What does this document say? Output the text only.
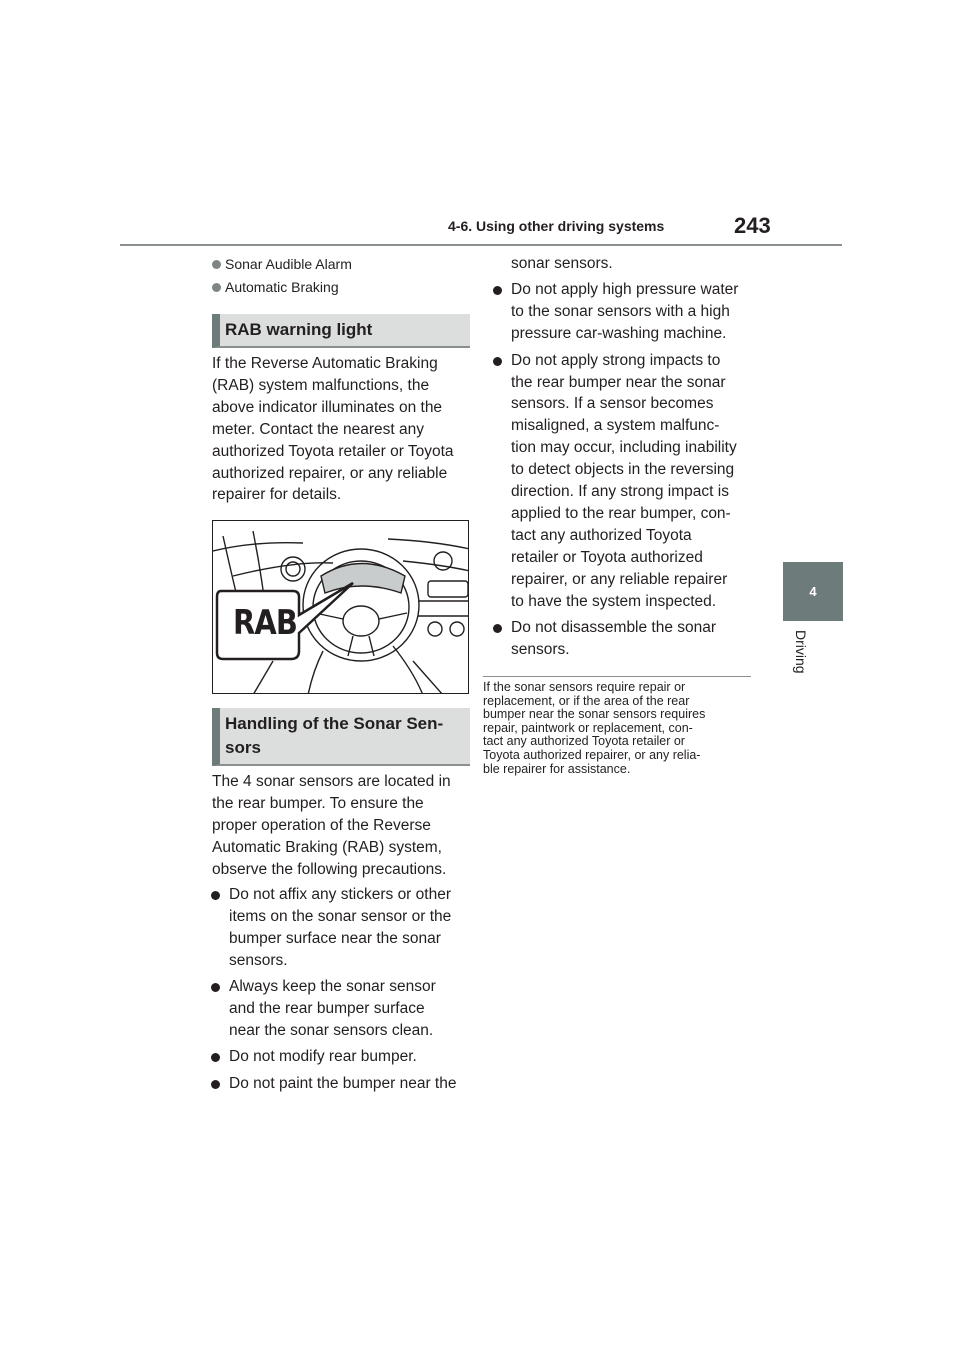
4-6. Using other driving systems	243
4
Driving
Sonar Audible Alarm
Automatic Braking
RAB warning light
If the Reverse Automatic Braking
(RAB) system malfunctions, the
above indicator illuminates on the
meter. Contact the nearest any
authorized Toyota retailer or Toyota
authorized repairer, or any reliable
repairer for details.
RAB
Handling of the Sonar Sen-
sors
The 4 sonar sensors are located in
the rear bumper. To ensure the
proper operation of the Reverse
Automatic Braking (RAB) system,
observe the following precautions.
Do not affix any stickers or other
items on the sonar sensor or the
bumper surface near the sonar
sensors.
Always keep the sonar sensor
and the rear bumper surface
near the sonar sensors clean.
Do not modify rear bumper.
Do not paint the bumper near the
sonar sensors.
Do not apply high pressure water
to the sonar sensors with a high
pressure car-washing machine.
Do not apply strong impacts to
the rear bumper near the sonar
sensors. If a sensor becomes
misaligned, a system malfunc-
tion may occur, including inability
to detect objects in the reversing
direction. If any strong impact is
applied to the rear bumper, con-
tact any authorized Toyota
retailer or Toyota authorized
repairer, or any reliable repairer
to have the system inspected.
Do not disassemble the sonar
sensors.
If the sonar sensors require repair or
replacement, or if the area of the rear
bumper near the sonar sensors requires
repair, paintwork or replacement, con-
tact any authorized Toyota retailer or
Toyota authorized repairer, or any relia-
ble repairer for assistance.
